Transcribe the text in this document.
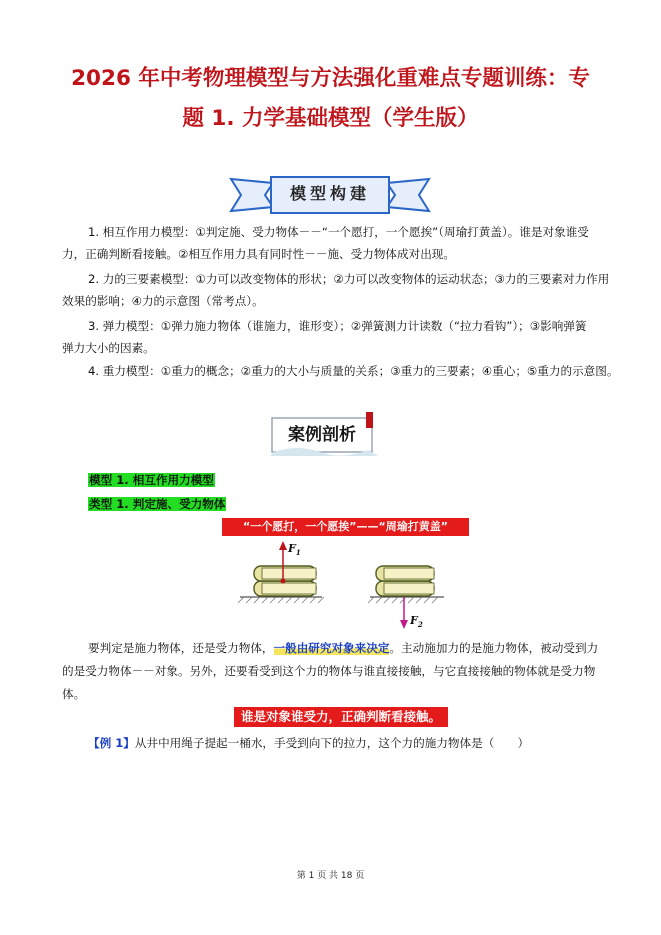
2026 年中考物理模型与方法强化重难点专题训练：专
题 1. 力学基础模型（学生版）
模型构建
1. 相互作用力模型：①判定施、受力物体－－“一个愿打，一个愿挨”（周瑜打黄盖）。谁是对象谁受
力，正确判断看接触。②相互作用力具有同时性－－施、受力物体成对出现。
2. 力的三要素模型：①力可以改变物体的形状；②力可以改变物体的运动状态；③力的三要素对力作用
效果的影响；④力的示意图（常考点）。
3. 弹力模型：①弹力施力物体（谁施力，谁形变）；②弹簧测力计读数（“拉力看钩”）；③影响弹簧
弹力大小的因素。
4. 重力模型：①重力的概念；②重力的大小与质量的关系；③重力的三要素；④重心；⑤重力的示意图。
案例剖析
模型 1. 相互作用力模型
类型 1. 判定施、受力物体
“一个愿打，一个愿挨”——“周瑜打黄盖”
$F_1$
$F_2$
要判定是施力物体，还是受力物体，一般由研究对象来决定。主动施加力的是施力物体，被动受到力
的是受力物体－－对象。另外，还要看受到这个力的物体与谁直接接触，与它直接接触的物体就是受力物
体。
谁是对象谁受力，正确判断看接触。
【例 1】从井中用绳子提起一桶水，手受到向下的拉力，这个力的施力物体是（　　）
第 1 页 共 18 页
